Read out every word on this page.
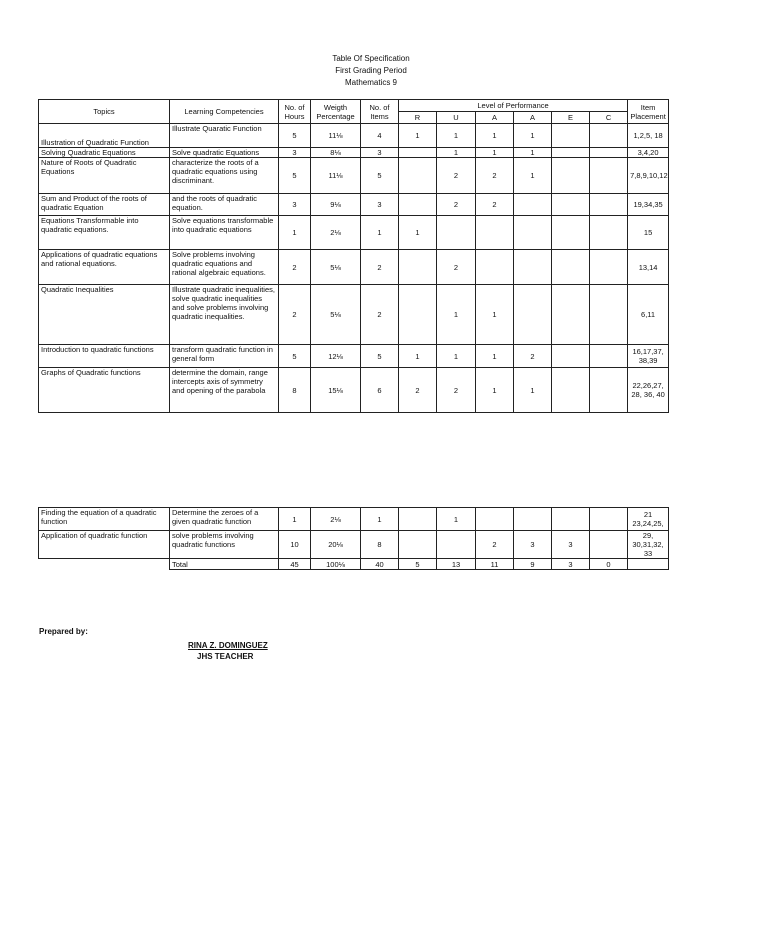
Table Of Specification
First Grading Period
Mathematics 9
Topics	Learning Competencies	No. of Hours	Weigth Percentage	No. of Items	Level of Performance						Item Placement
					R	U	A	A	E	C	
Illustration of Quadratic Function	Illustrate Quaratic Function	5	11⅛	4	1	1	1	1			1,2,5, 18
Solving Quadratic Equations	Solve quadratic Equations	3	8⅛	3		1	1	1			3,4,20
Nature of Roots of Quadratic Equations	characterize the roots of a quadratic equations using discriminant.	5	11⅛	5		2	2	1			7,8,9,10,12
Sum and Product of the roots of quadratic Equation	and the roots of quadratic equation.	3	9⅛	3		2	2				19,34,35
Equations Transformable into quadratic equations.	Solve equations transformable into quadratic equations	1	2⅛	1	1						15
Applications of quadratic equations and rational equations.	Solve problems involving quadratic equations and rational algebraic equations.	2	5⅛	2		2					13,14
Quadratic Inequalities	Illustrate quadratic inequalities, solve quadratic inequalities and solve problems involving quadratic inequalities.	2	5⅛	2		1	1				6,11
Introduction to quadratic functions	transform quadratic function in general form	5	12⅛	5	1	1	1	2			16,17,37, 38,39
Graphs of Quadratic functions	determine the domain, range intercepts axis of symmetry and opening of the parabola	8	15⅛	6	2	2	1	1			22,26,27, 28, 36, 40
Finding the equation of a quadratic function	Determine the zeroes of a given quadratic function	1	2⅛	1		1					21 23,24,25,
Application of quadratic function	solve problems involving quadratic functions	10	20⅛	8			2	3	3		29, 30,31,32, 33
	Total	45	100⅛	40	5	13	11	9	3	0	
Prepared by:
RINA Z. DOMINGUEZ
JHS TEACHER
